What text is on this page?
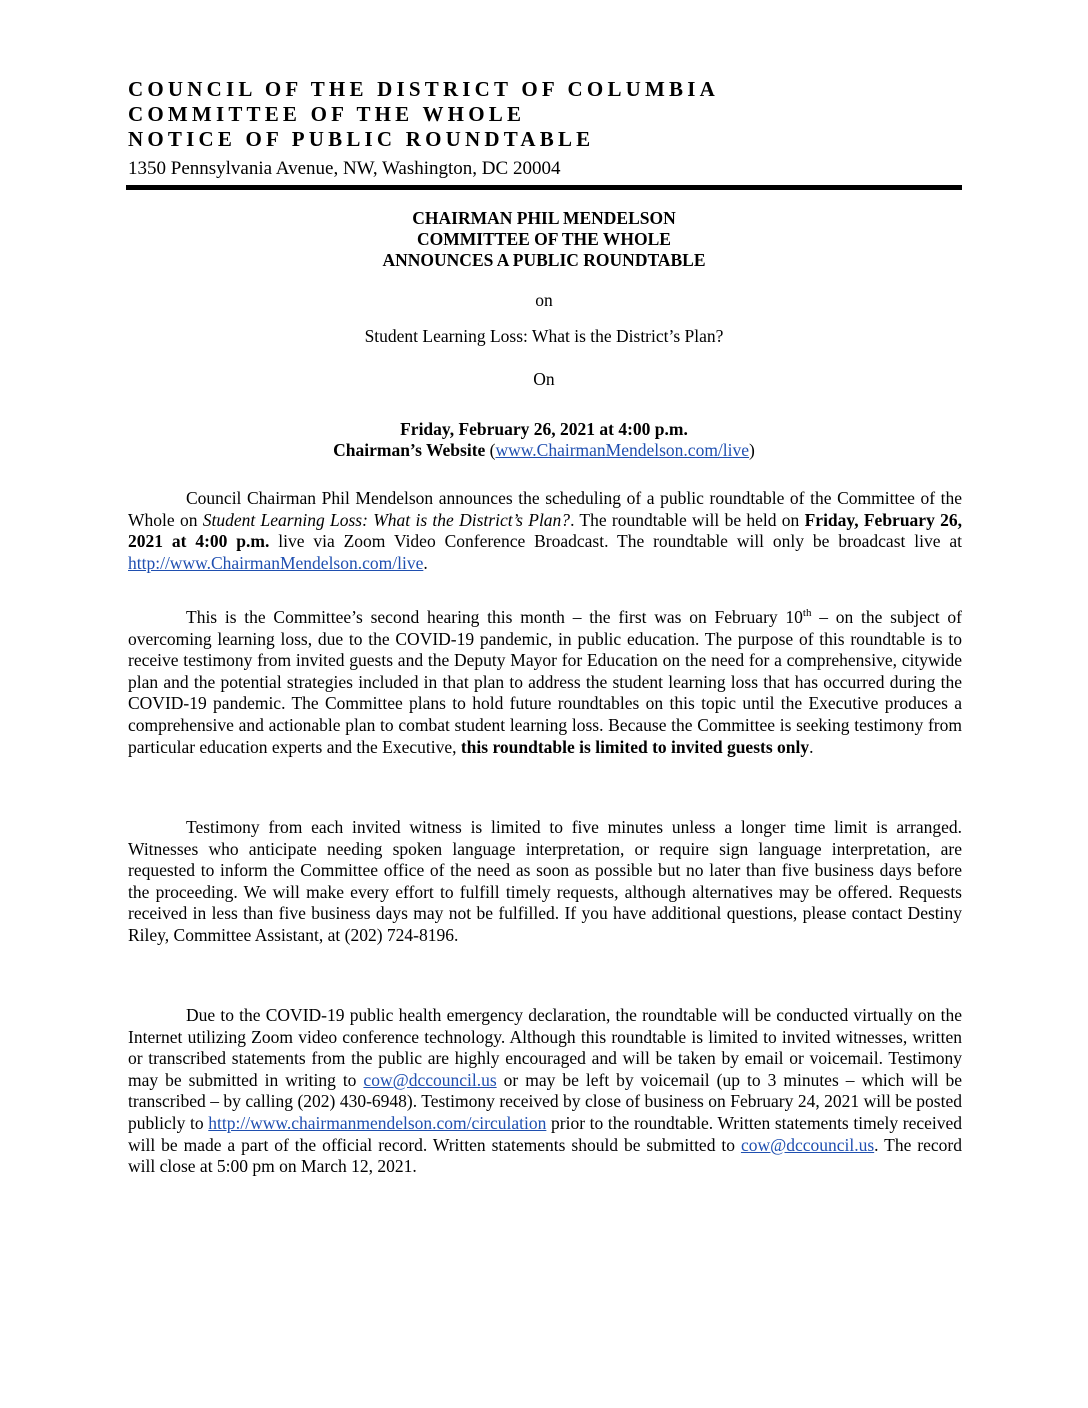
COUNCIL OF THE DISTRICT OF COLUMBIA
COMMITTEE OF THE WHOLE
NOTICE OF PUBLIC ROUNDTABLE
1350 Pennsylvania Avenue, NW, Washington, DC 20004
CHAIRMAN PHIL MENDELSON
COMMITTEE OF THE WHOLE
ANNOUNCES A PUBLIC ROUNDTABLE
on
Student Learning Loss: What is the District’s Plan?
On
Friday, February 26, 2021 at 4:00 p.m.
Chairman’s Website (www.ChairmanMendelson.com/live)
Council Chairman Phil Mendelson announces the scheduling of a public roundtable of the Committee of the Whole on Student Learning Loss: What is the District’s Plan?. The roundtable will be held on Friday, February 26, 2021 at 4:00 p.m. live via Zoom Video Conference Broadcast. The roundtable will only be broadcast live at http://www.ChairmanMendelson.com/live.
This is the Committee’s second hearing this month – the first was on February 10th – on the subject of overcoming learning loss, due to the COVID-19 pandemic, in public education. The purpose of this roundtable is to receive testimony from invited guests and the Deputy Mayor for Education on the need for a comprehensive, citywide plan and the potential strategies included in that plan to address the student learning loss that has occurred during the COVID-19 pandemic. The Committee plans to hold future roundtables on this topic until the Executive produces a comprehensive and actionable plan to combat student learning loss. Because the Committee is seeking testimony from particular education experts and the Executive, this roundtable is limited to invited guests only.
Testimony from each invited witness is limited to five minutes unless a longer time limit is arranged. Witnesses who anticipate needing spoken language interpretation, or require sign language interpretation, are requested to inform the Committee office of the need as soon as possible but no later than five business days before the proceeding. We will make every effort to fulfill timely requests, although alternatives may be offered. Requests received in less than five business days may not be fulfilled. If you have additional questions, please contact Destiny Riley, Committee Assistant, at (202) 724-8196.
Due to the COVID-19 public health emergency declaration, the roundtable will be conducted virtually on the Internet utilizing Zoom video conference technology. Although this roundtable is limited to invited witnesses, written or transcribed statements from the public are highly encouraged and will be taken by email or voicemail. Testimony may be submitted in writing to cow@dccouncil.us or may be left by voicemail (up to 3 minutes – which will be transcribed – by calling (202) 430-6948). Testimony received by close of business on February 24, 2021 will be posted publicly to http://www.chairmanmendelson.com/circulation prior to the roundtable. Written statements timely received will be made a part of the official record. Written statements should be submitted to cow@dccouncil.us. The record will close at 5:00 pm on March 12, 2021.
